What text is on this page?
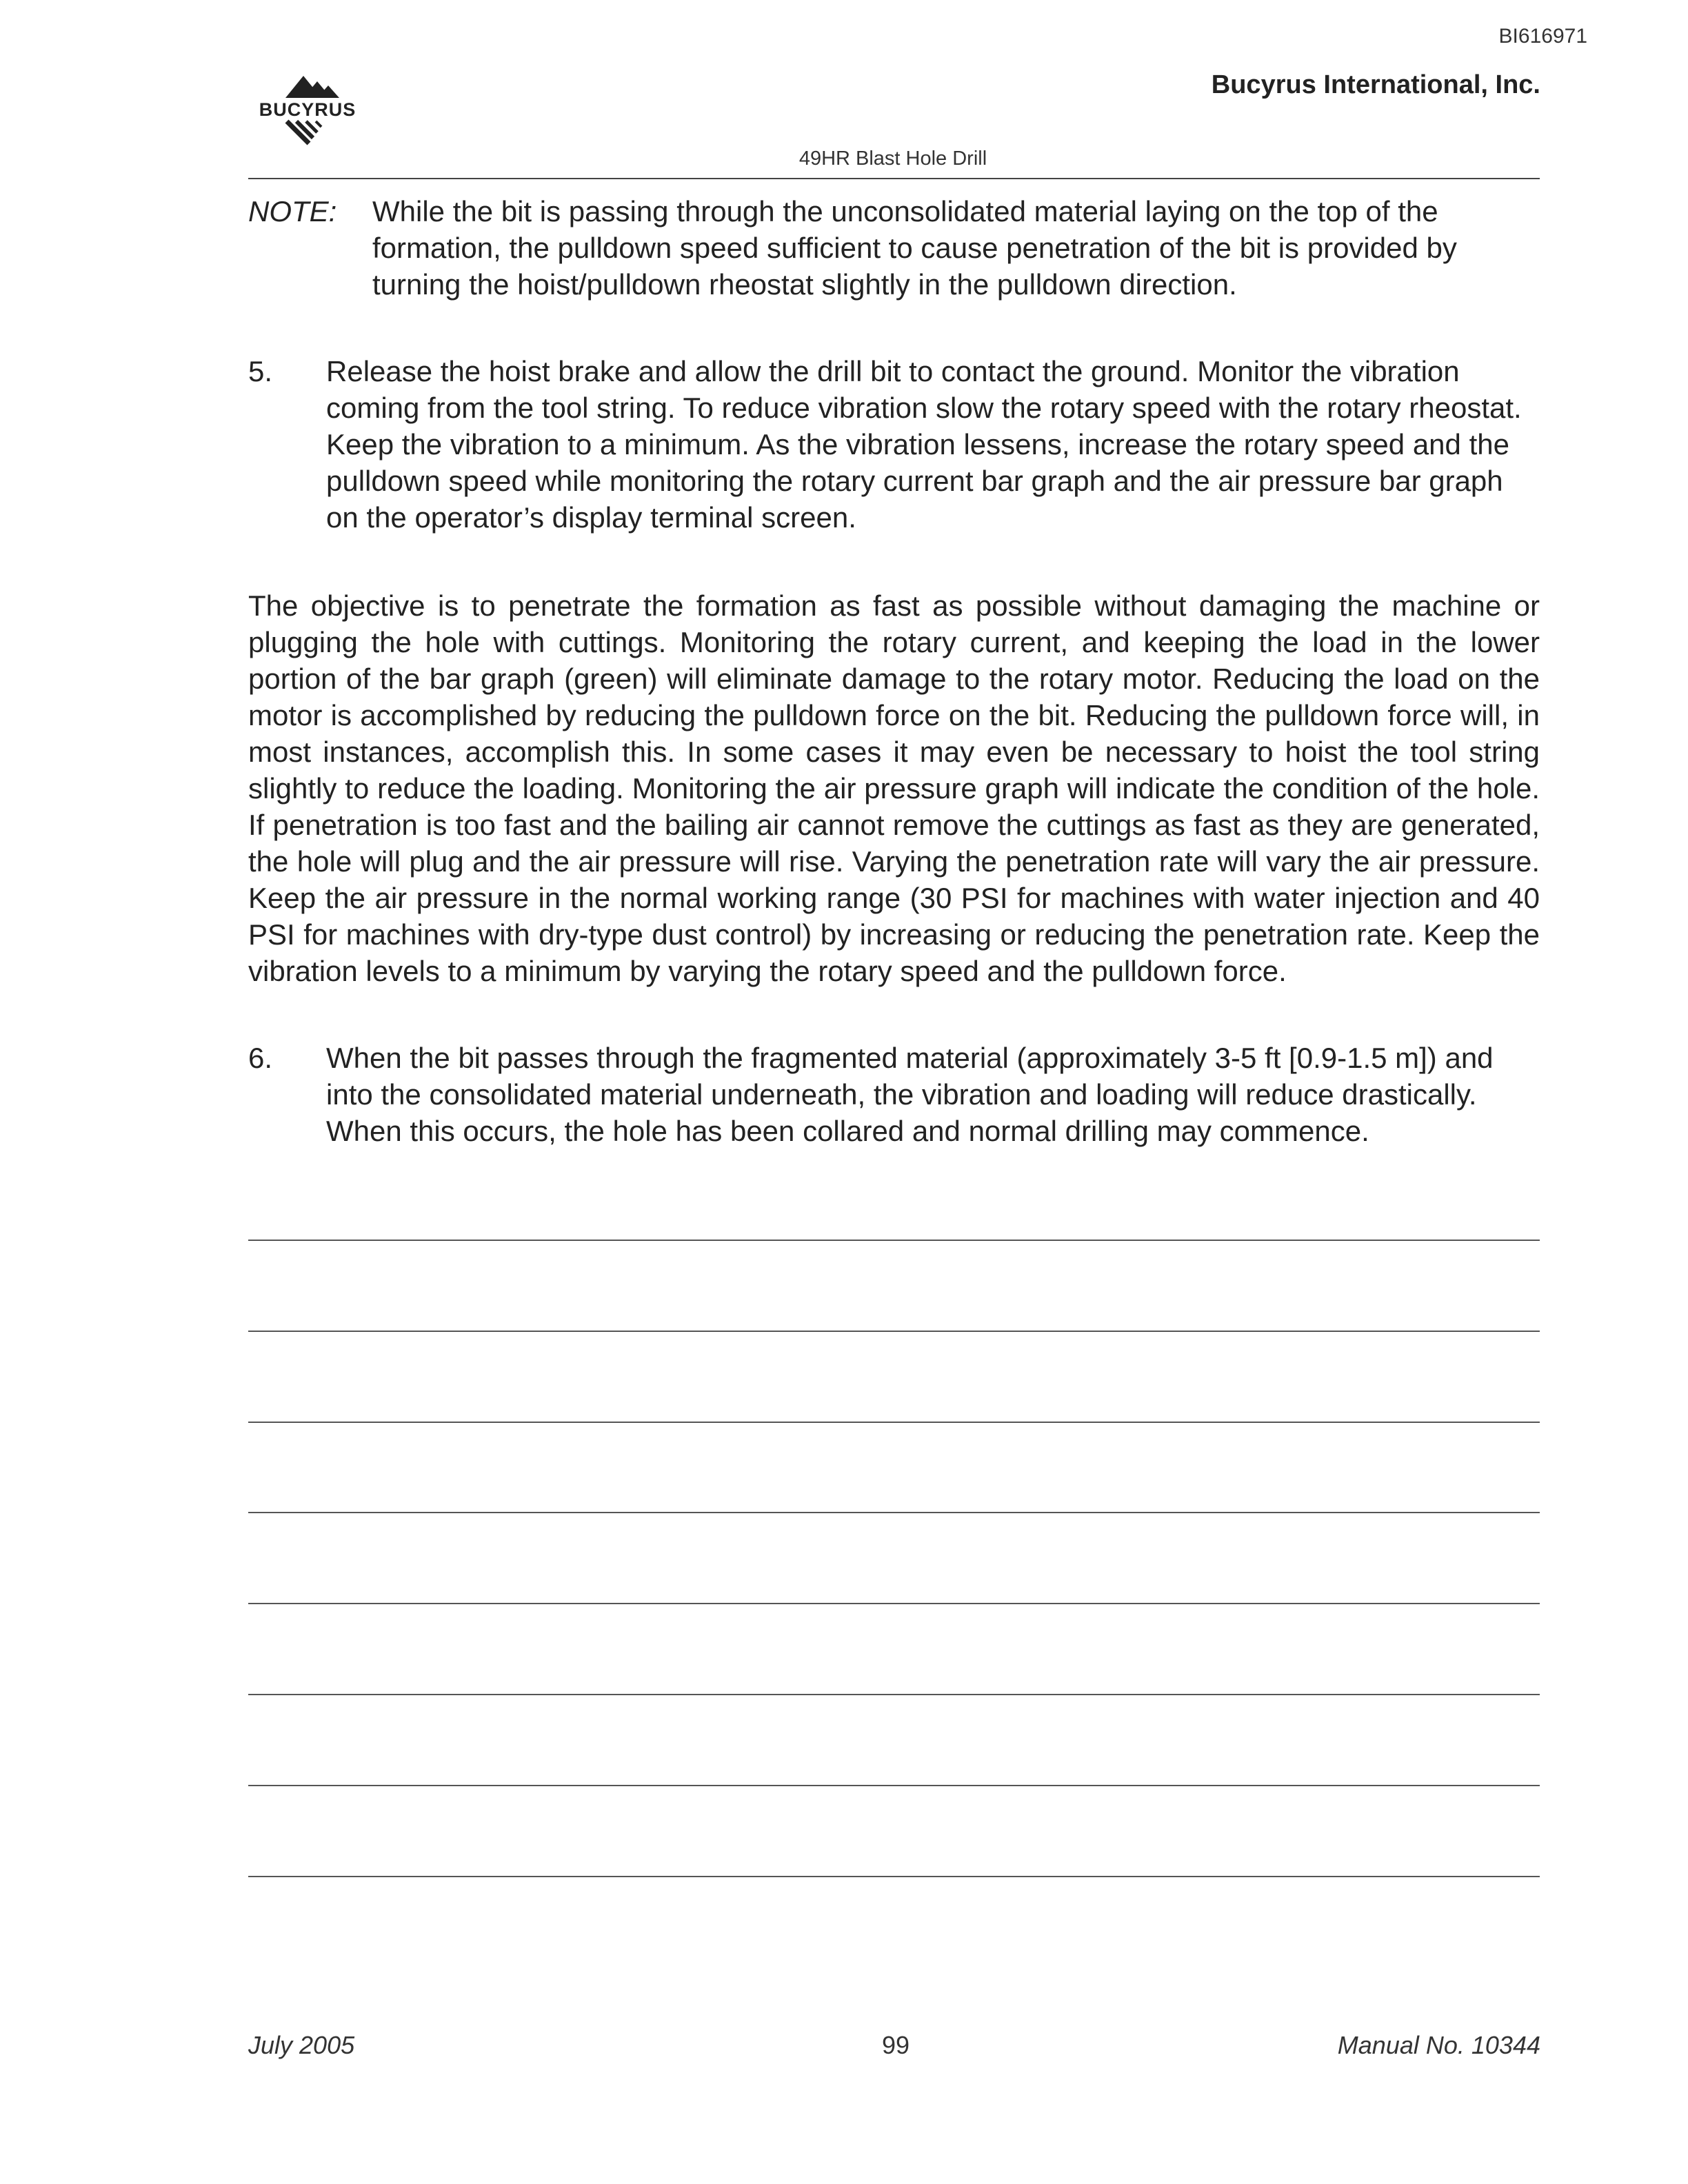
BI616971
Bucyrus International, Inc.
BUCYRUS
49HR Blast Hole Drill
NOTE:	While the bit is passing through the unconsolidated material laying on the top of the formation, the pulldown speed sufficient to cause penetration of the bit is provided by turning the hoist/pulldown rheostat slightly in the pulldown direction.
5.	Release the hoist brake and allow the drill bit to contact the ground. Monitor the vibration coming from the tool string. To reduce vibration slow the rotary speed with the rotary rheostat. Keep the vibration to a minimum. As the vibration lessens, increase the rotary speed and the pulldown speed while monitoring the rotary current bar graph and the air pressure bar graph on the operator’s display terminal screen.
The objective is to penetrate the formation as fast as possible without damaging the machine or plugging the hole with cuttings. Monitoring the rotary current, and keeping the load in the lower portion of the bar graph (green) will eliminate damage to the rotary motor. Reducing the load on the motor is accomplished by reducing the pulldown force on the bit. Reducing the pulldown force will, in most instances, accomplish this. In some cases it may even be necessary to hoist the tool string slightly to reduce the loading. Monitoring the air pressure graph will indicate the condition of the hole. If penetration is too fast and the bailing air cannot remove the cuttings as fast as they are generated, the hole will plug and the air pressure will rise. Varying the penetration rate will vary the air pressure. Keep the air pressure in the normal working range (30 PSI for machines with water injection and 40 PSI for machines with dry-type dust control) by increasing or reducing the penetration rate. Keep the vibration levels to a minimum by varying the rotary speed and the pulldown force.
6.	When the bit passes through the fragmented material (approximately 3-5 ft [0.9-1.5 m]) and into the consolidated material underneath, the vibration and loading will reduce drastically. When this occurs, the hole has been collared and normal drilling may commence.
July 2005	99	Manual No. 10344
